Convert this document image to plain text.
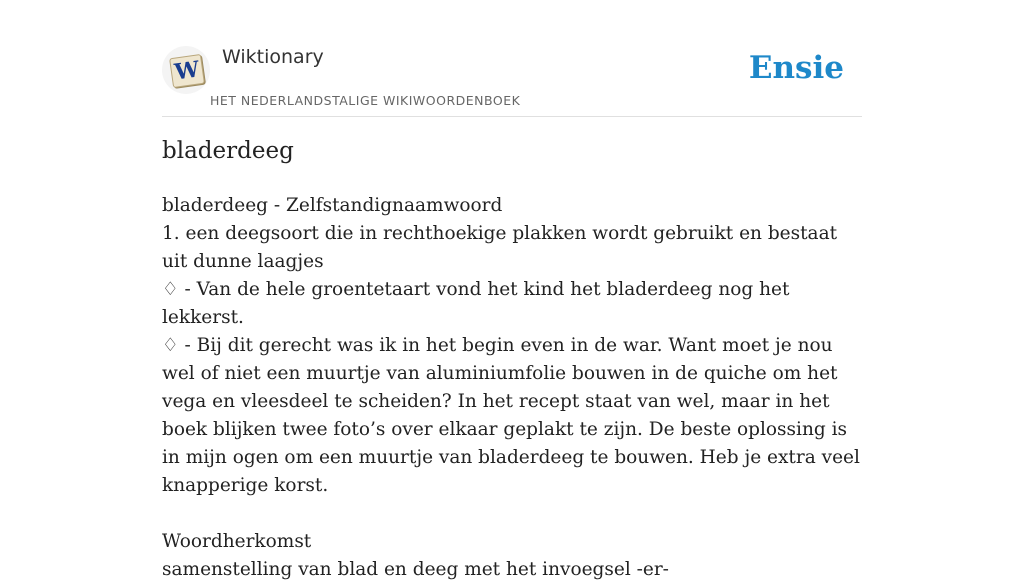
W Wiktionary
HET NEDERLANDSTALIGE WIKIWOORDENBOEK
Ensie
bladerdeeg

bladerdeeg - Zelfstandignaamwoord

1. een deegsoort die in rechthoekige plakken wordt gebruikt en bestaat uit dunne laagjes

♢ - Van de hele groentetaart vond het kind het bladerdeeg nog het lekkerst.

♢ - Bij dit gerecht was ik in het begin even in de war. Want moet je nou wel of niet een muurtje van aluminiumfolie bouwen in de quiche om het vega en vleesdeel te scheiden? In het recept staat van wel, maar in het boek blijken twee foto’s over elkaar geplakt te zijn. De beste oplossing is in mijn ogen om een muurtje van bladerdeeg te bouwen. Heb je extra veel knapperige korst.

Woordherkomst

samenstelling van blad en deeg met het invoegsel -er-
